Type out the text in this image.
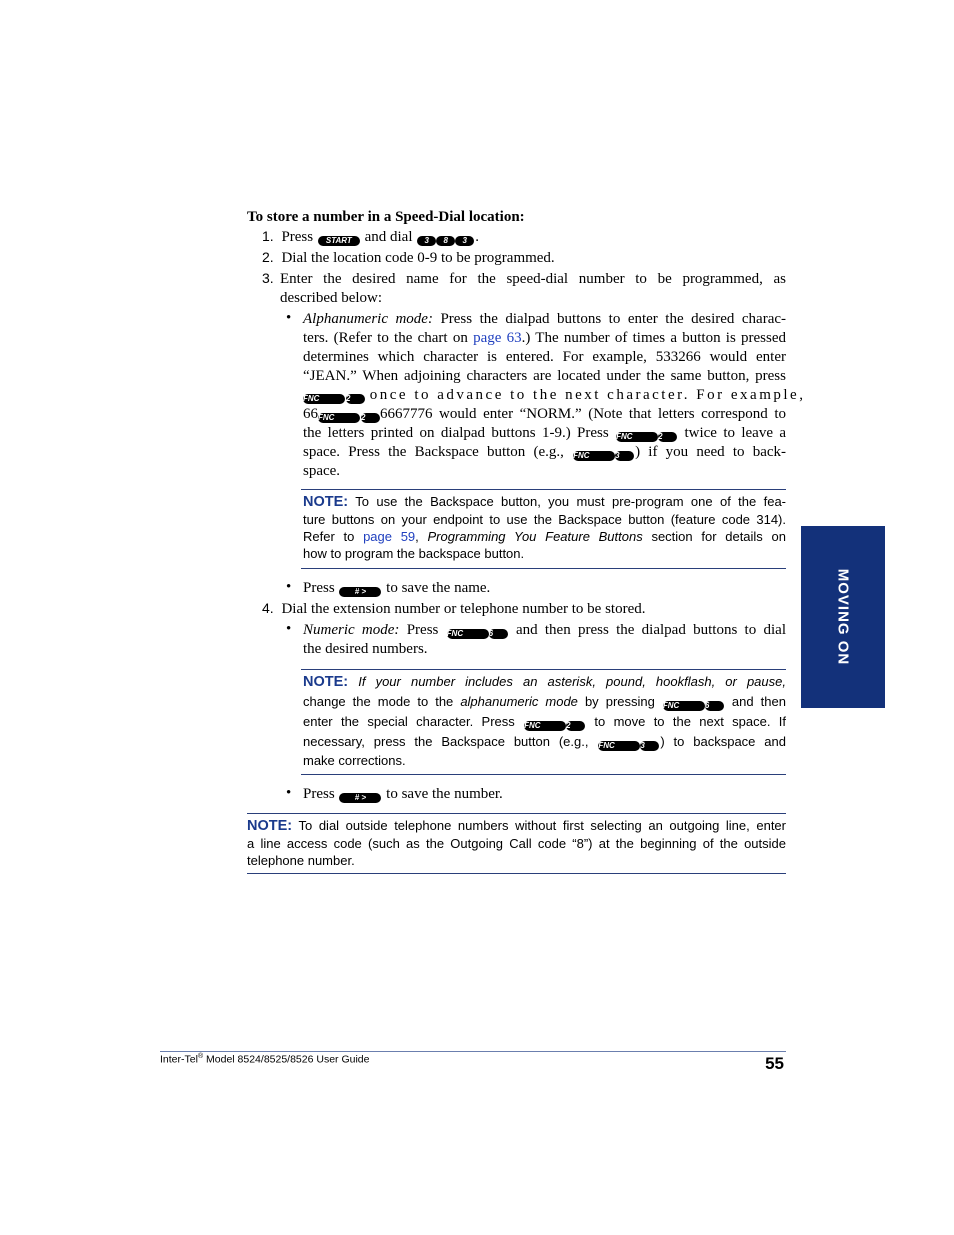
To store a number in a Speed-Dial location:
1. Press START and dial 3 8 3 .
2. Dial the location code 0-9 to be programmed.
3. Enter the desired name for the speed-dial number to be programmed, as
described below:
• Alphanumeric mode: Press the dialpad buttons to enter the desired charac-
ters. (Refer to the chart on page 63.) The number of times a button is pressed
determines which character is entered. For example, 533266 would enter
“JEAN.” When adjoining characters are located under the same button, press
FNC	2 once to advance to the next character. For example,
66FNC	2 6667776 would enter “NORM.” (Note that letters correspond to
the letters printed on dialpad buttons 1-9.) Press FNC	2 twice to leave a
space. Press the Backspace button (e.g., FNC	3 ) if you need to back-
space.
NOTE: To use the Backspace button, you must pre-program one of the fea-
ture buttons on your endpoint to use the Backspace button (feature code 314).
Refer to page 59, Programming You Feature Buttons section for details on
how to program the backspace button.
• Press	# > to save the name.
4. Dial the extension number or telephone number to be stored.
• Numeric mode: Press FNC	6 and then press the dialpad buttons to dial
the desired numbers.
NOTE: If your number includes an asterisk, pound, hookflash, or pause,
change the mode to the alphanumeric mode by pressing FNC	6 and then
enter the special character. Press FNC	2 to move to the next space. If
necessary, press the Backspace button (e.g., FNC	3 ) to backspace and
make corrections.
• Press	# > to save the number.
NOTE: To dial outside telephone numbers without first selecting an outgoing line, enter
a line access code (such as the Outgoing Call code “8”) at the beginning of the outside
telephone number.
MOVING ON
Inter-Tel® Model 8524/8525/8526 User Guide	55
